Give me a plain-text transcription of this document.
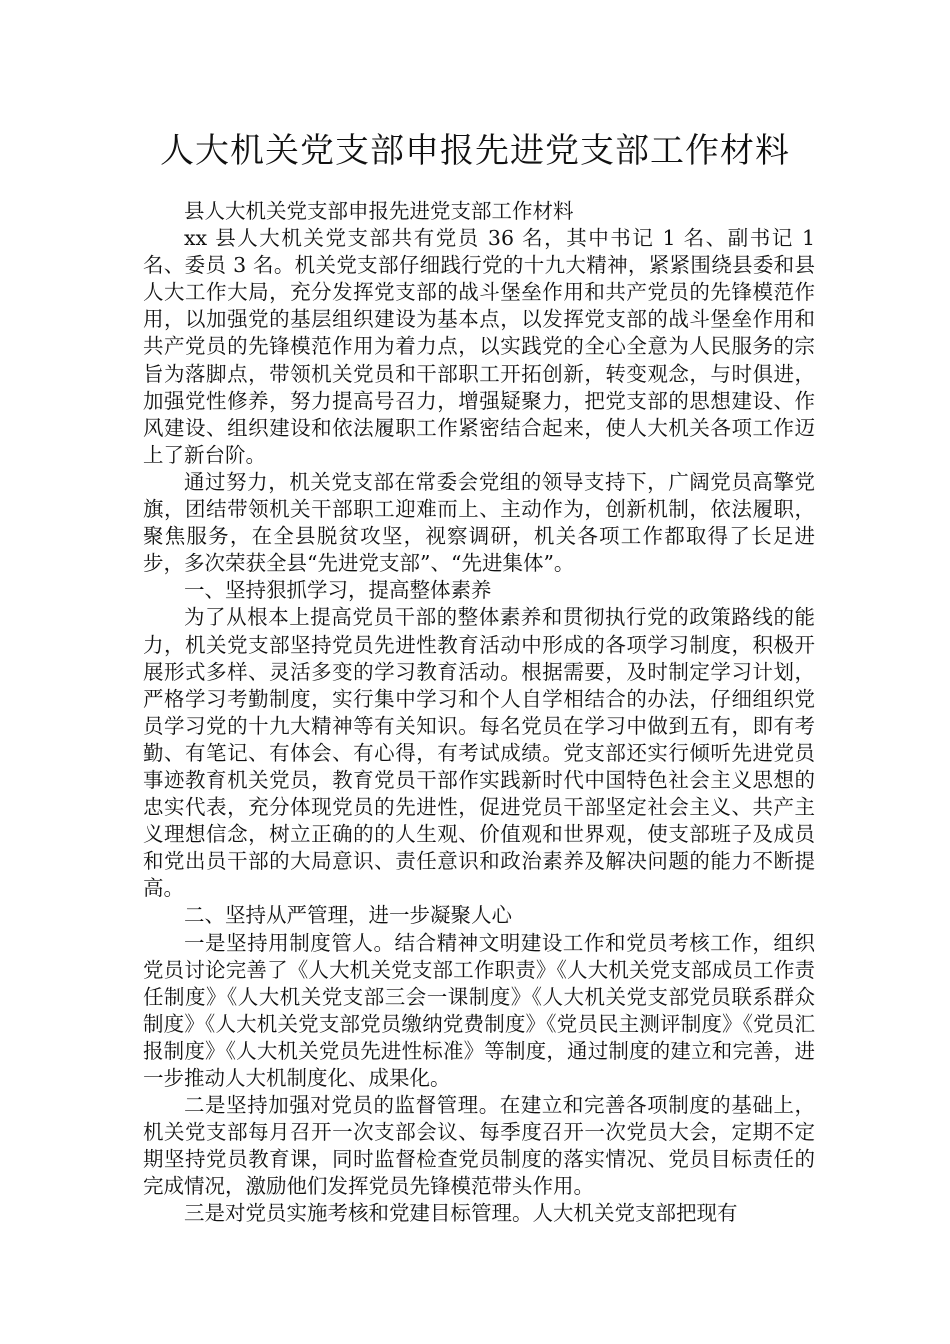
人大机关党支部申报先进党支部工作材料

县人大机关党支部申报先进党支部工作材料

xx 县人大机关党支部共有党员 36 名，其中书记 1 名、副书记 1 名、委员 3 名。机关党支部仔细践行党的十九大精神，紧紧围绕县委和县人大工作大局，充分发挥党支部的战斗堡垒作用和共产党员的先锋模范作用，以加强党的基层组织建设为基本点，以发挥党支部的战斗堡垒作用和共产党员的先锋模范作用为着力点，以实践党的全心全意为人民服务的宗旨为落脚点，带领机关党员和干部职工开拓创新，转变观念，与时俱进，加强党性修养，努力提高号召力，增强疑聚力，把党支部的思想建设、作风建设、组织建设和依法履职工作紧密结合起来，使人大机关各项工作迈上了新台阶。

通过努力，机关党支部在常委会党组的领导支持下，广阔党员高擎党旗，团结带领机关干部职工迎难而上、主动作为，创新机制，依法履职，聚焦服务，在全县脱贫攻坚，视察调研，机关各项工作都取得了长足进步，多次荣获全县“先进党支部”、“先进集体”。

一、坚持狠抓学习，提高整体素养

为了从根本上提高党员干部的整体素养和贯彻执行党的政策路线的能力，机关党支部坚持党员先进性教育活动中形成的各项学习制度，积极开展形式多样、灵活多变的学习教育活动。根据需要，及时制定学习计划，严格学习考勤制度，实行集中学习和个人自学相结合的办法，仔细组织党员学习党的十九大精神等有关知识。每名党员在学习中做到五有，即有考勤、有笔记、有体会、有心得，有考试成绩。党支部还实行倾听先进党员事迹教育机关党员，教育党员干部作实践新时代中国特色社会主义思想的忠实代表，充分体现党员的先进性，促进党员干部坚定社会主义、共产主义理想信念，树立正确的的人生观、价值观和世界观，使支部班子及成员和党出员干部的大局意识、责任意识和政治素养及解决问题的能力不断提高。

二、坚持从严管理，进一步凝聚人心

一是坚持用制度管人。结合精神文明建设工作和党员考核工作，组织党员讨论完善了《人大机关党支部工作职责》《人大机关党支部成员工作责任制度》《人大机关党支部三会一课制度》《人大机关党支部党员联系群众制度》《人大机关党支部党员缴纳党费制度》《党员民主测评制度》《党员汇报制度》《人大机关党员先进性标准》等制度，通过制度的建立和完善，进一步推动人大机制度化、成果化。

二是坚持加强对党员的监督管理。在建立和完善各项制度的基础上，机关党支部每月召开一次支部会议、每季度召开一次党员大会，定期不定期坚持党员教育课，同时监督检查党员制度的落实情况、党员目标责任的完成情况，激励他们发挥党员先锋模范带头作用。

三是对党员实施考核和党建目标管理。人大机关党支部把现有
